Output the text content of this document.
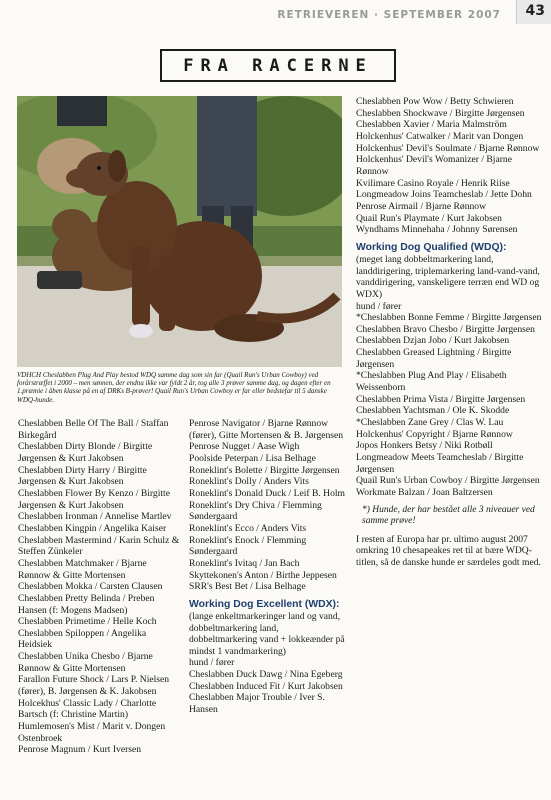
RETRIEVEREN · SEPTEMBER 2007 43
FRA RACERNE
VDHCH Cheslabben Plug And Play bestod WDQ samme dag som sin far (Quail Run's Urban Cowboy) ved forårstræffet i 2000 – men sønnen, der endnu ikke var fyldt 2 år, tog alle 3 prøver samme dag, og dagen efter en 1.præmie i åben klasse på en af DRKs B-prøver! Quail Run's Urban Cowboy er far eller bedstefar til 5 danske WDQ-hunde.

Cheslabben Belle Of The Ball / Staffan Birkegård

Cheslabben Dirty Blonde / Birgitte Jørgensen & Kurt Jakobsen

Cheslabben Dirty Harry / Birgitte Jørgensen & Kurt Jakobsen

Cheslabben Flower By Kenzo / Birgitte Jørgensen & Kurt Jakobsen

Cheslabben Ironman / Annelise Martlev

Cheslabben Kingpin / Angelika Kaiser

Cheslabben Mastermind / Karin Schulz & Steffen Zünkeler

Cheslabben Matchmaker / Bjarne Rønnow & Gitte Mortensen

Cheslabben Mokka / Carsten Clausen

Cheslabben Pretty Belinda / Preben Hansen (f: Mogens Madsen)

Cheslabben Primetime / Helle Koch

Cheslabben Spiloppen / Angelika Heidsiek

Cheslabben Unika Chesbo / Bjarne Rønnow & Gitte Mortensen

Farallon Future Shock / Lars P. Nielsen (fører), B. Jørgensen & K. Jakobsen

Holcekhus' Classic Lady / Charlotte Bartsch (f: Christine Martin)

Humlemosen's Mist / Marit v. Dongen Ostenbroek

Penrose Magnum / Kurt Iversen

Penrose Navigator / Bjarne Rønnow (fører), Gitte Mortensen & B. Jørgensen

Penrose Nugget / Aase Wigh

Poolside Peterpan / Lisa Belhage

Roneklint's Bolette / Birgitte Jørgensen

Roneklint's Dolly / Anders Vits

Roneklint's Donald Duck / Leif B. Holm

Roneklint's Dry Chiva / Flemming Søndergaard

Roneklint's Ecco / Anders Vits

Roneklint's Enock / Flemming Søndergaard

Roneklint's Ivitaq / Jan Bach

Skyttekonen's Anton / Birthe Jeppesen

SRR's Best Bet / Lisa Belhage

Working Dog Excellent (WDX):

(lange enkeltmarkeringer land og vand, dobbeltmarkering land, dobbeltmarkering vand + lokkeænder på mindst 1 vandmarkering)

hund / fører

Cheslabben Duck Dawg / Nina Egeberg

Cheslabben Induced Fit / Kurt Jakobsen

Cheslabben Major Trouble / Iver S. Hansen

Cheslabben Pow Wow / Betty Schwieren

Cheslabben Shockwave / Birgitte Jørgensen

Cheslabben Xavier / Maria Malmström

Holckenhus' Catwalker / Marit van Dongen

Holckenhus' Devil's Soulmate / Bjarne Rønnow

Holckenhus' Devil's Womanizer / Bjarne Rønnow

Kvilimare Casino Royale / Henrik Riise

Longmeadow Joins Teamcheslab / Jette Dohn

Penrose Airmail / Bjarne Rønnow

Quail Run's Playmate / Kurt Jakobsen

Wyndhams Minnehaha / Johnny Sørensen

Working Dog Qualified (WDQ):

(meget lang dobbeltmarkering land, landdirigering, triplemarkering land-vand-vand, vanddirigering, vanskeligere terræn end WD og WDX)

hund / fører

*Cheslabben Bonne Femme / Birgitte Jørgensen

Cheslabben Bravo Chesbo / Birgitte Jørgensen

Cheslabben Dzjan Jobo / Kurt Jakobsen

Cheslabben Greased Lightning / Birgitte Jørgensen

*Cheslabben Plug And Play / Elisabeth Weissenborn

Cheslabben Prima Vista / Birgitte Jørgensen

Cheslabben Yachtsman / Ole K. Skodde

*Cheslabben Zane Grey / Clas W. Lau

Holckenhus' Copyright / Bjarne Rønnow

Jopos Honkers Betsy / Niki Rotbøll

Longmeadow Meets Teamcheslab / Birgitte Jørgensen

Quail Run's Urban Cowboy / Birgitte Jørgensen

Workmate Balzan / Joan Baltzersen

*) Hunde, der har bestået alle 3 niveauer ved samme prøve!

I resten af Europa har pr. ultimo august 2007 omkring 10 chesapeakes ret til at bære WDQ-titlen, så de danske hunde er særdeles godt med.
